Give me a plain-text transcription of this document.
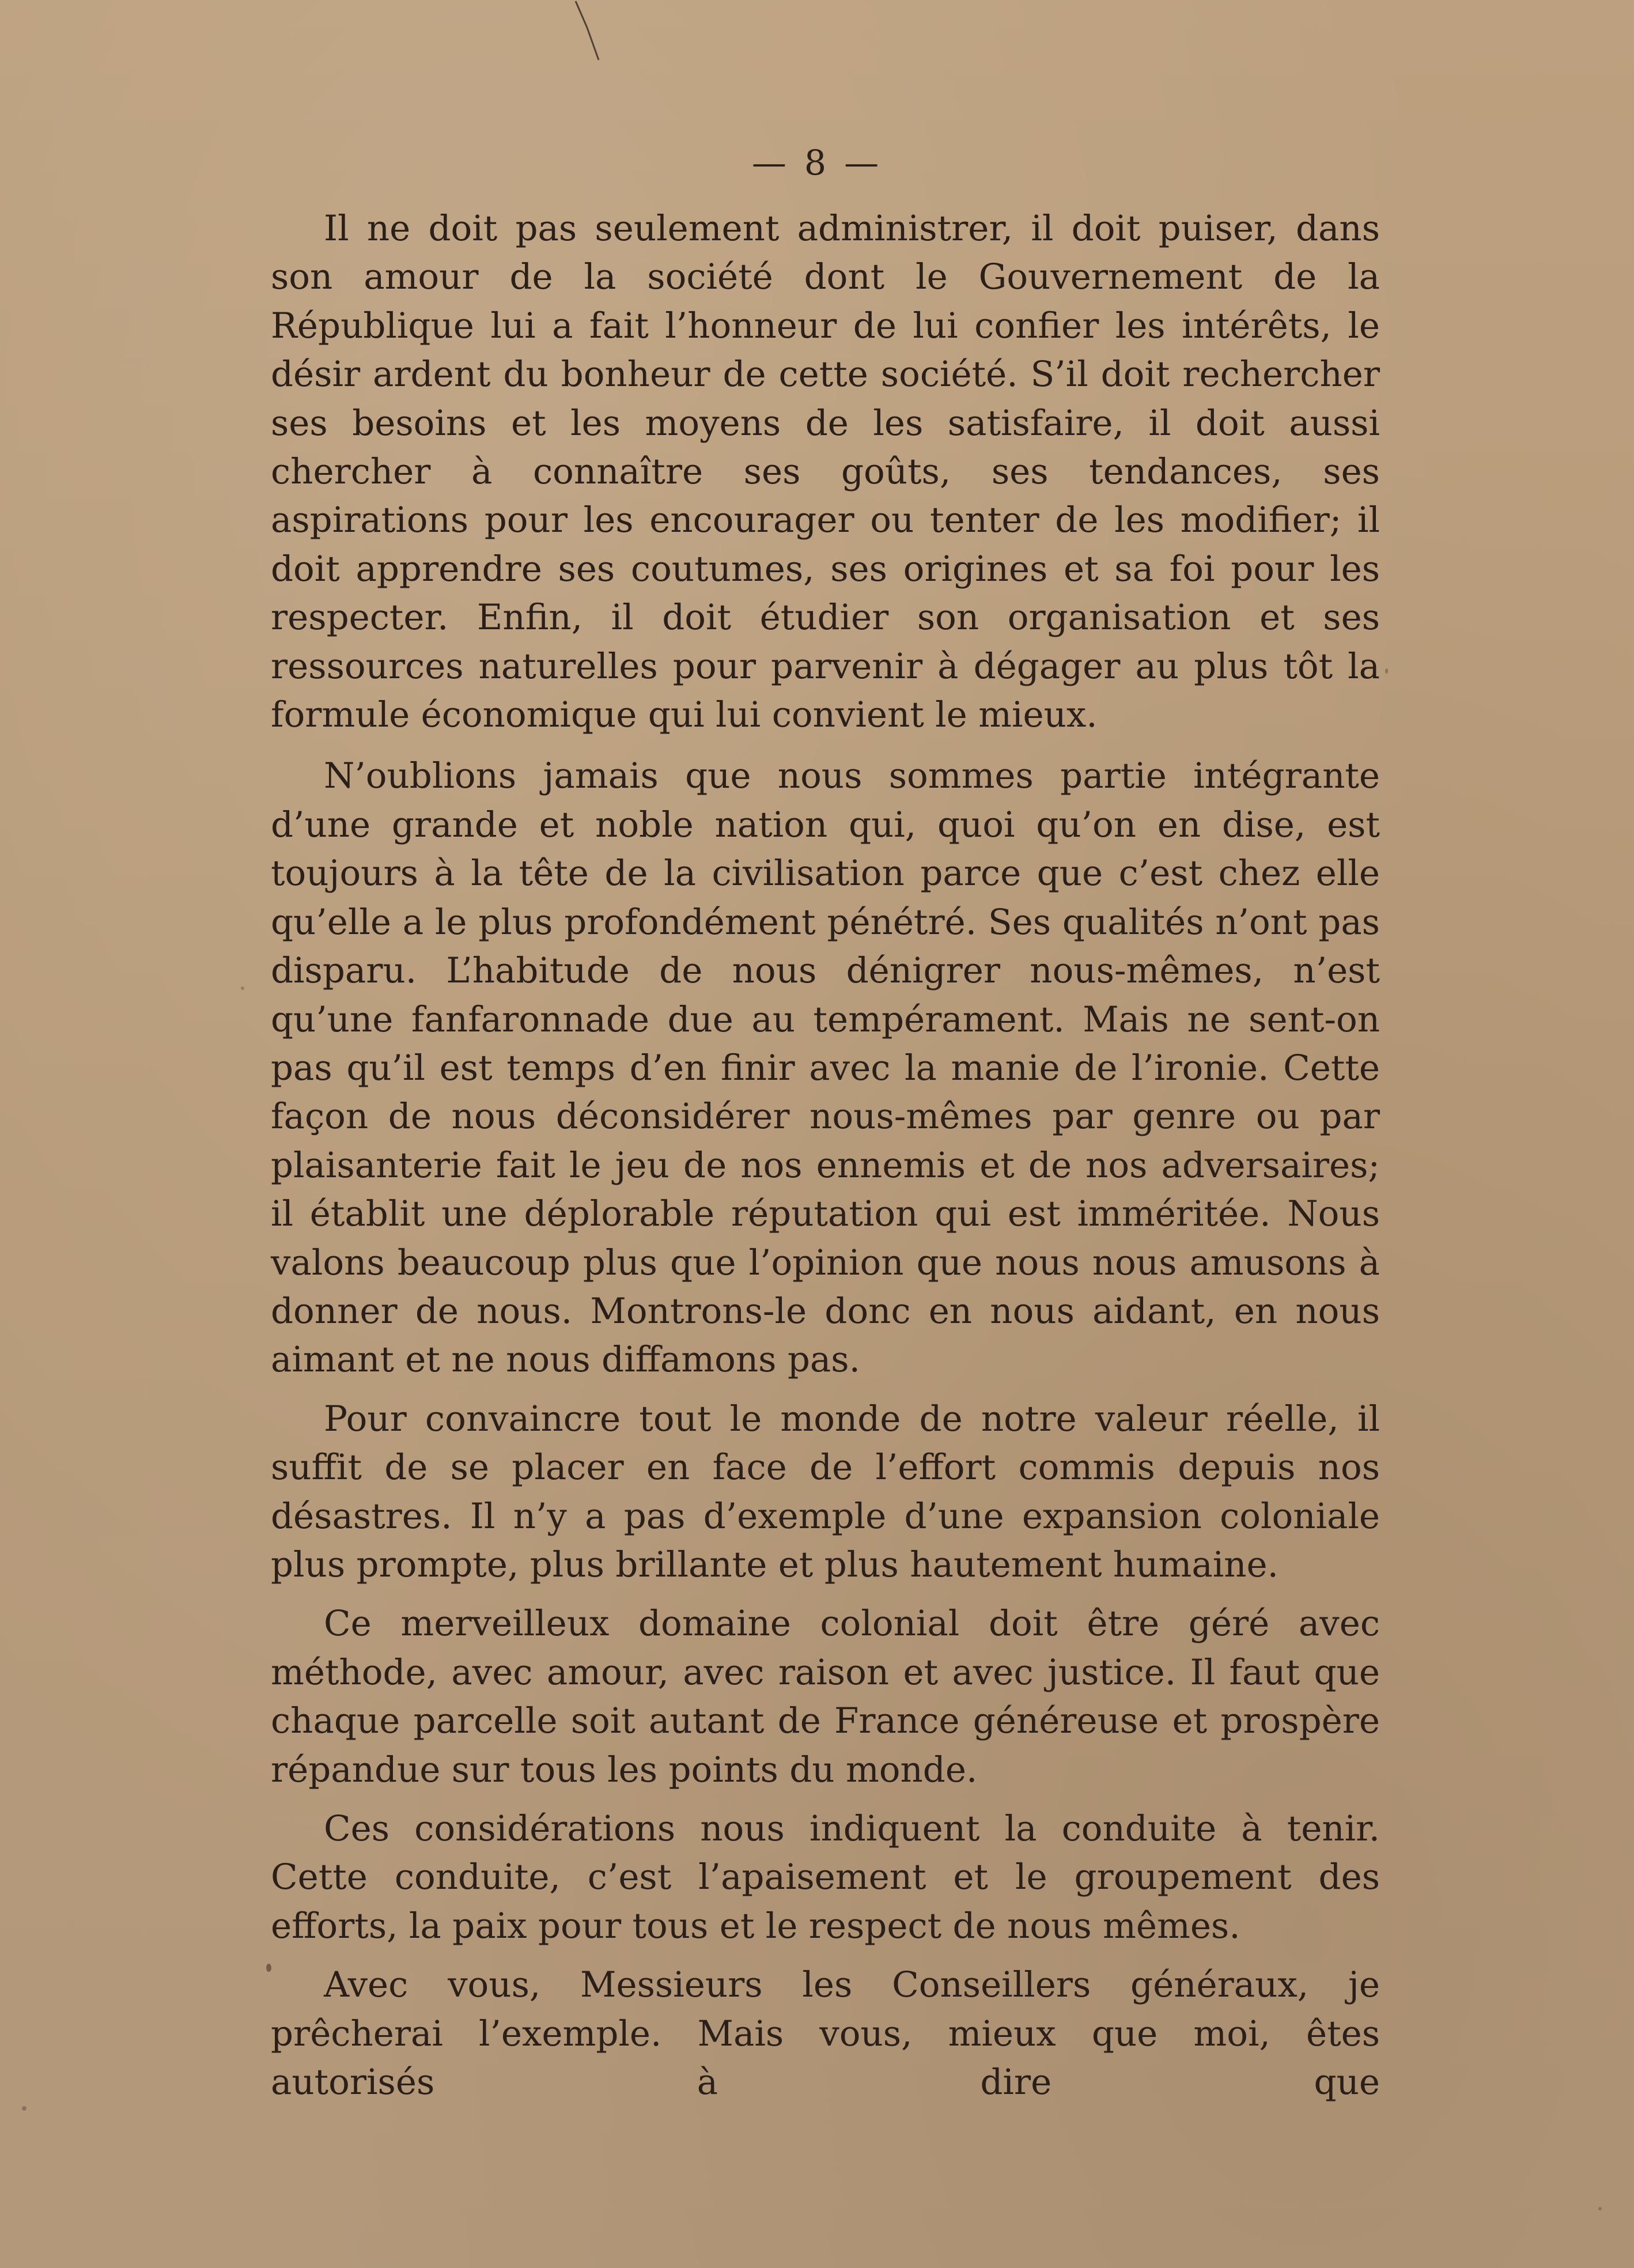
— 8 —

Il ne doit pas seulement administrer, il doit puiser, dans son amour de la société dont le Gouvernement de la République lui a fait l’honneur de lui confier les intérêts, le désir ardent du bonheur de cette société. S’il doit rechercher ses besoins et les moyens de les satisfaire, il doit aussi chercher à connaître ses goûts, ses tendances, ses aspirations pour les encourager ou tenter de les modifier; il doit apprendre ses coutumes, ses origines et sa foi pour les respecter. Enfin, il doit étudier son organisation et ses ressources naturelles pour parvenir à dégager au plus tôt la formule économique qui lui convient le mieux.

N’oublions jamais que nous sommes partie intégrante d’une grande et noble nation qui, quoi qu’on en dise, est toujours à la tête de la civilisation parce que c’est chez elle qu’elle a le plus profondément pénétré. Ses qualités n’ont pas disparu. L’habitude de nous dénigrer nous-mêmes, n’est qu’une fanfaronnade due au tempérament. Mais ne sent-on pas qu’il est temps d’en finir avec la manie de l’ironie. Cette façon de nous déconsidérer nous-mêmes par genre ou par plaisanterie fait le jeu de nos ennemis et de nos adversaires; il établit une déplorable réputation qui est imméritée. Nous valons beaucoup plus que l’opinion que nous nous amusons à donner de nous. Montrons-le donc en nous aidant, en nous aimant et ne nous diffamons pas.

Pour convaincre tout le monde de notre valeur réelle, il suffit de se placer en face de l’effort commis depuis nos désastres. Il n’y a pas d’exemple d’une expansion coloniale plus prompte, plus brillante et plus hautement humaine.

Ce merveilleux domaine colonial doit être géré avec méthode, avec amour, avec raison et avec justice. Il faut que chaque parcelle soit autant de France généreuse et prospère répandue sur tous les points du monde.

Ces considérations nous indiquent la conduite à tenir. Cette conduite, c’est l’apaisement et le groupement des efforts, la paix pour tous et le respect de nous mêmes.

Avec vous, Messieurs les Conseillers généraux, je prêcherai l’exemple. Mais vous, mieux que moi, êtes autorisés à dire que
